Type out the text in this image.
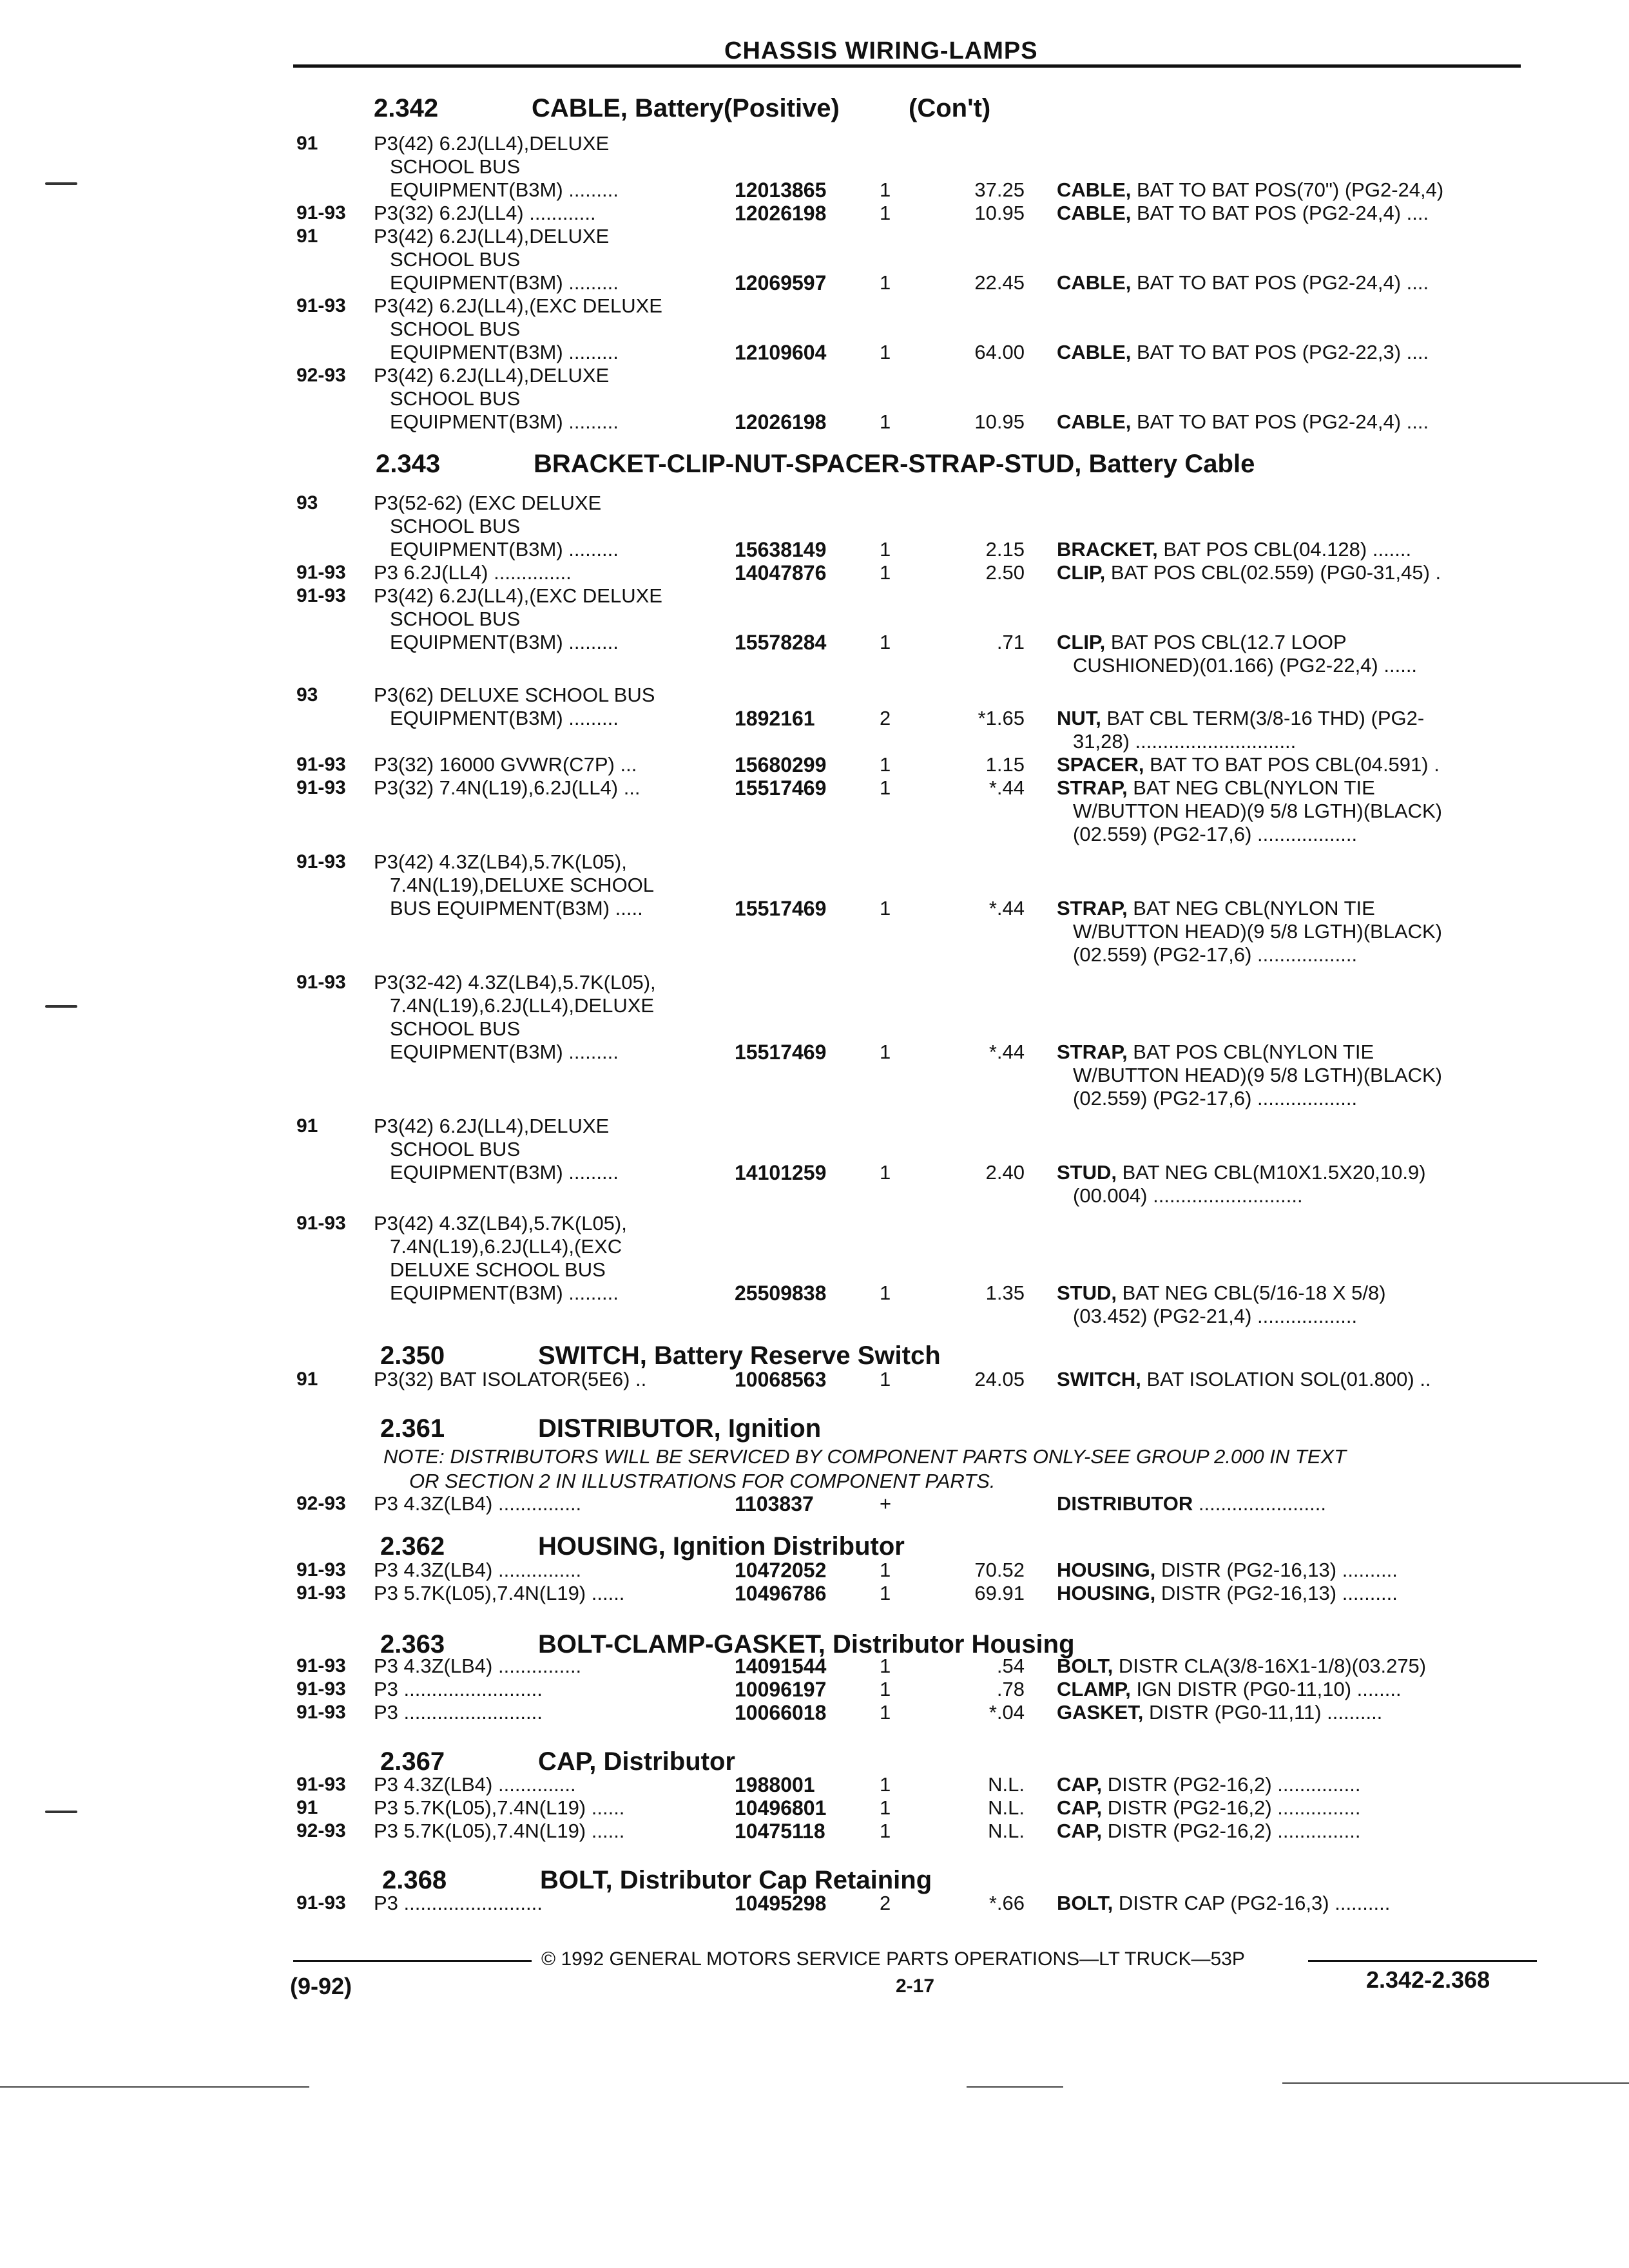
CHASSIS WIRING-LAMPS
2.342	CABLE, Battery(Positive)	(Con't)
2.343	BRACKET-CLIP-NUT-SPACER-STRAP-STUD, Battery Cable
2.350	SWITCH, Battery Reserve Switch
2.361	DISTRIBUTOR, Ignition
2.362	HOUSING, Ignition Distributor
2.363	BOLT-CLAMP-GASKET, Distributor Housing
2.367	CAP, Distributor
2.368	BOLT, Distributor Cap Retaining
91	P3(42) 6.2J(LL4),DELUXE
SCHOOL BUS
EQUIPMENT(B3M) .........	12013865	1	37.25 CABLE, BAT TO BAT POS(70") (PG2-24,4)
91-93 P3(32) 6.2J(LL4) ............	12026198	1	10.95 CABLE, BAT TO BAT POS (PG2-24,4) ....
91	P3(42) 6.2J(LL4),DELUXE
SCHOOL BUS
EQUIPMENT(B3M) .........	12069597	1	22.45 CABLE, BAT TO BAT POS (PG2-24,4) ....
91-93 P3(42) 6.2J(LL4),(EXC DELUXE
SCHOOL BUS
EQUIPMENT(B3M) .........	12109604	1	64.00 CABLE, BAT TO BAT POS (PG2-22,3) ....
92-93 P3(42) 6.2J(LL4),DELUXE
SCHOOL BUS
EQUIPMENT(B3M) .........	12026198	1	10.95 CABLE, BAT TO BAT POS (PG2-24,4) ....
93	P3(52-62) (EXC DELUXE
SCHOOL BUS
EQUIPMENT(B3M) .........	15638149	1	2.15 BRACKET, BAT POS CBL(04.128) .......
91-93 P3 6.2J(LL4) ..............	14047876	1	2.50 CLIP, BAT POS CBL(02.559) (PG0-31,45) .
91-93 P3(42) 6.2J(LL4),(EXC DELUXE
SCHOOL BUS
EQUIPMENT(B3M) .........	15578284	1	.71 CLIP, BAT POS CBL(12.7 LOOP
CUSHIONED)(01.166) (PG2-22,4) ......
93	P3(62) DELUXE SCHOOL BUS
EQUIPMENT(B3M) .........	1892161	2	*1.65 NUT, BAT CBL TERM(3/8-16 THD) (PG2-
31,28) .............................
91-93 P3(32) 16000 GVWR(C7P) ...	15680299	1	1.15 SPACER, BAT TO BAT POS CBL(04.591) .
91-93 P3(32) 7.4N(L19),6.2J(LL4) ...	15517469	1	*.44 STRAP, BAT NEG CBL(NYLON TIE
W/BUTTON HEAD)(9 5/8 LGTH)(BLACK)
(02.559) (PG2-17,6) ..................
91-93 P3(42) 4.3Z(LB4),5.7K(L05),
7.4N(L19),DELUXE SCHOOL
BUS EQUIPMENT(B3M) .....	15517469	1	*.44 STRAP, BAT NEG CBL(NYLON TIE
W/BUTTON HEAD)(9 5/8 LGTH)(BLACK)
(02.559) (PG2-17,6) ..................
91-93 P3(32-42) 4.3Z(LB4),5.7K(L05),
7.4N(L19),6.2J(LL4),DELUXE
SCHOOL BUS
EQUIPMENT(B3M) .........	15517469	1	*.44 STRAP, BAT POS CBL(NYLON TIE
W/BUTTON HEAD)(9 5/8 LGTH)(BLACK)
(02.559) (PG2-17,6) ..................
91	P3(42) 6.2J(LL4),DELUXE
SCHOOL BUS
EQUIPMENT(B3M) .........	14101259	1	2.40 STUD, BAT NEG CBL(M10X1.5X20,10.9)
(00.004) ...........................
91-93 P3(42) 4.3Z(LB4),5.7K(L05),
7.4N(L19),6.2J(LL4),(EXC
DELUXE SCHOOL BUS
EQUIPMENT(B3M) .........	25509838	1	1.35 STUD, BAT NEG CBL(5/16-18 X 5/8)
(03.452) (PG2-21,4) ..................
91	P3(32) BAT ISOLATOR(5E6) ..	10068563	1	24.05 SWITCH, BAT ISOLATION SOL(01.800) ..
92-93 P3 4.3Z(LB4) ...............	1103837	+	DISTRIBUTOR .......................
91-93 P3 4.3Z(LB4) ...............	10472052	1	70.52 HOUSING, DISTR (PG2-16,13) ..........
91-93 P3 5.7K(L05),7.4N(L19) ......	10496786	1	69.91 HOUSING, DISTR (PG2-16,13) ..........
91-93 P3 4.3Z(LB4) ...............	14091544	1	.54 BOLT, DISTR CLA(3/8-16X1-1/8)(03.275)
91-93 P3 .........................	10096197	1	.78 CLAMP, IGN DISTR (PG0-11,10) ........
91-93 P3 .........................	10066018	1	*.04 GASKET, DISTR (PG0-11,11) ..........
91-93 P3 4.3Z(LB4) ..............	1988001	1	N.L. CAP, DISTR (PG2-16,2) ...............
91	P3 5.7K(L05),7.4N(L19) ......	10496801	1	N.L. CAP, DISTR (PG2-16,2) ...............
92-93 P3 5.7K(L05),7.4N(L19) ......	10475118	1	N.L. CAP, DISTR (PG2-16,2) ...............
91-93 P3 .........................	10495298	2	*.66 BOLT, DISTR CAP (PG2-16,3) ..........
NOTE: DISTRIBUTORS WILL BE SERVICED BY COMPONENT PARTS ONLY-SEE GROUP 2.000 IN TEXT
OR SECTION 2 IN ILLUSTRATIONS FOR COMPONENT PARTS.
© 1992 GENERAL MOTORS SERVICE PARTS OPERATIONS—LT TRUCK—53P
(9-92)	2-17	2.342-2.368
